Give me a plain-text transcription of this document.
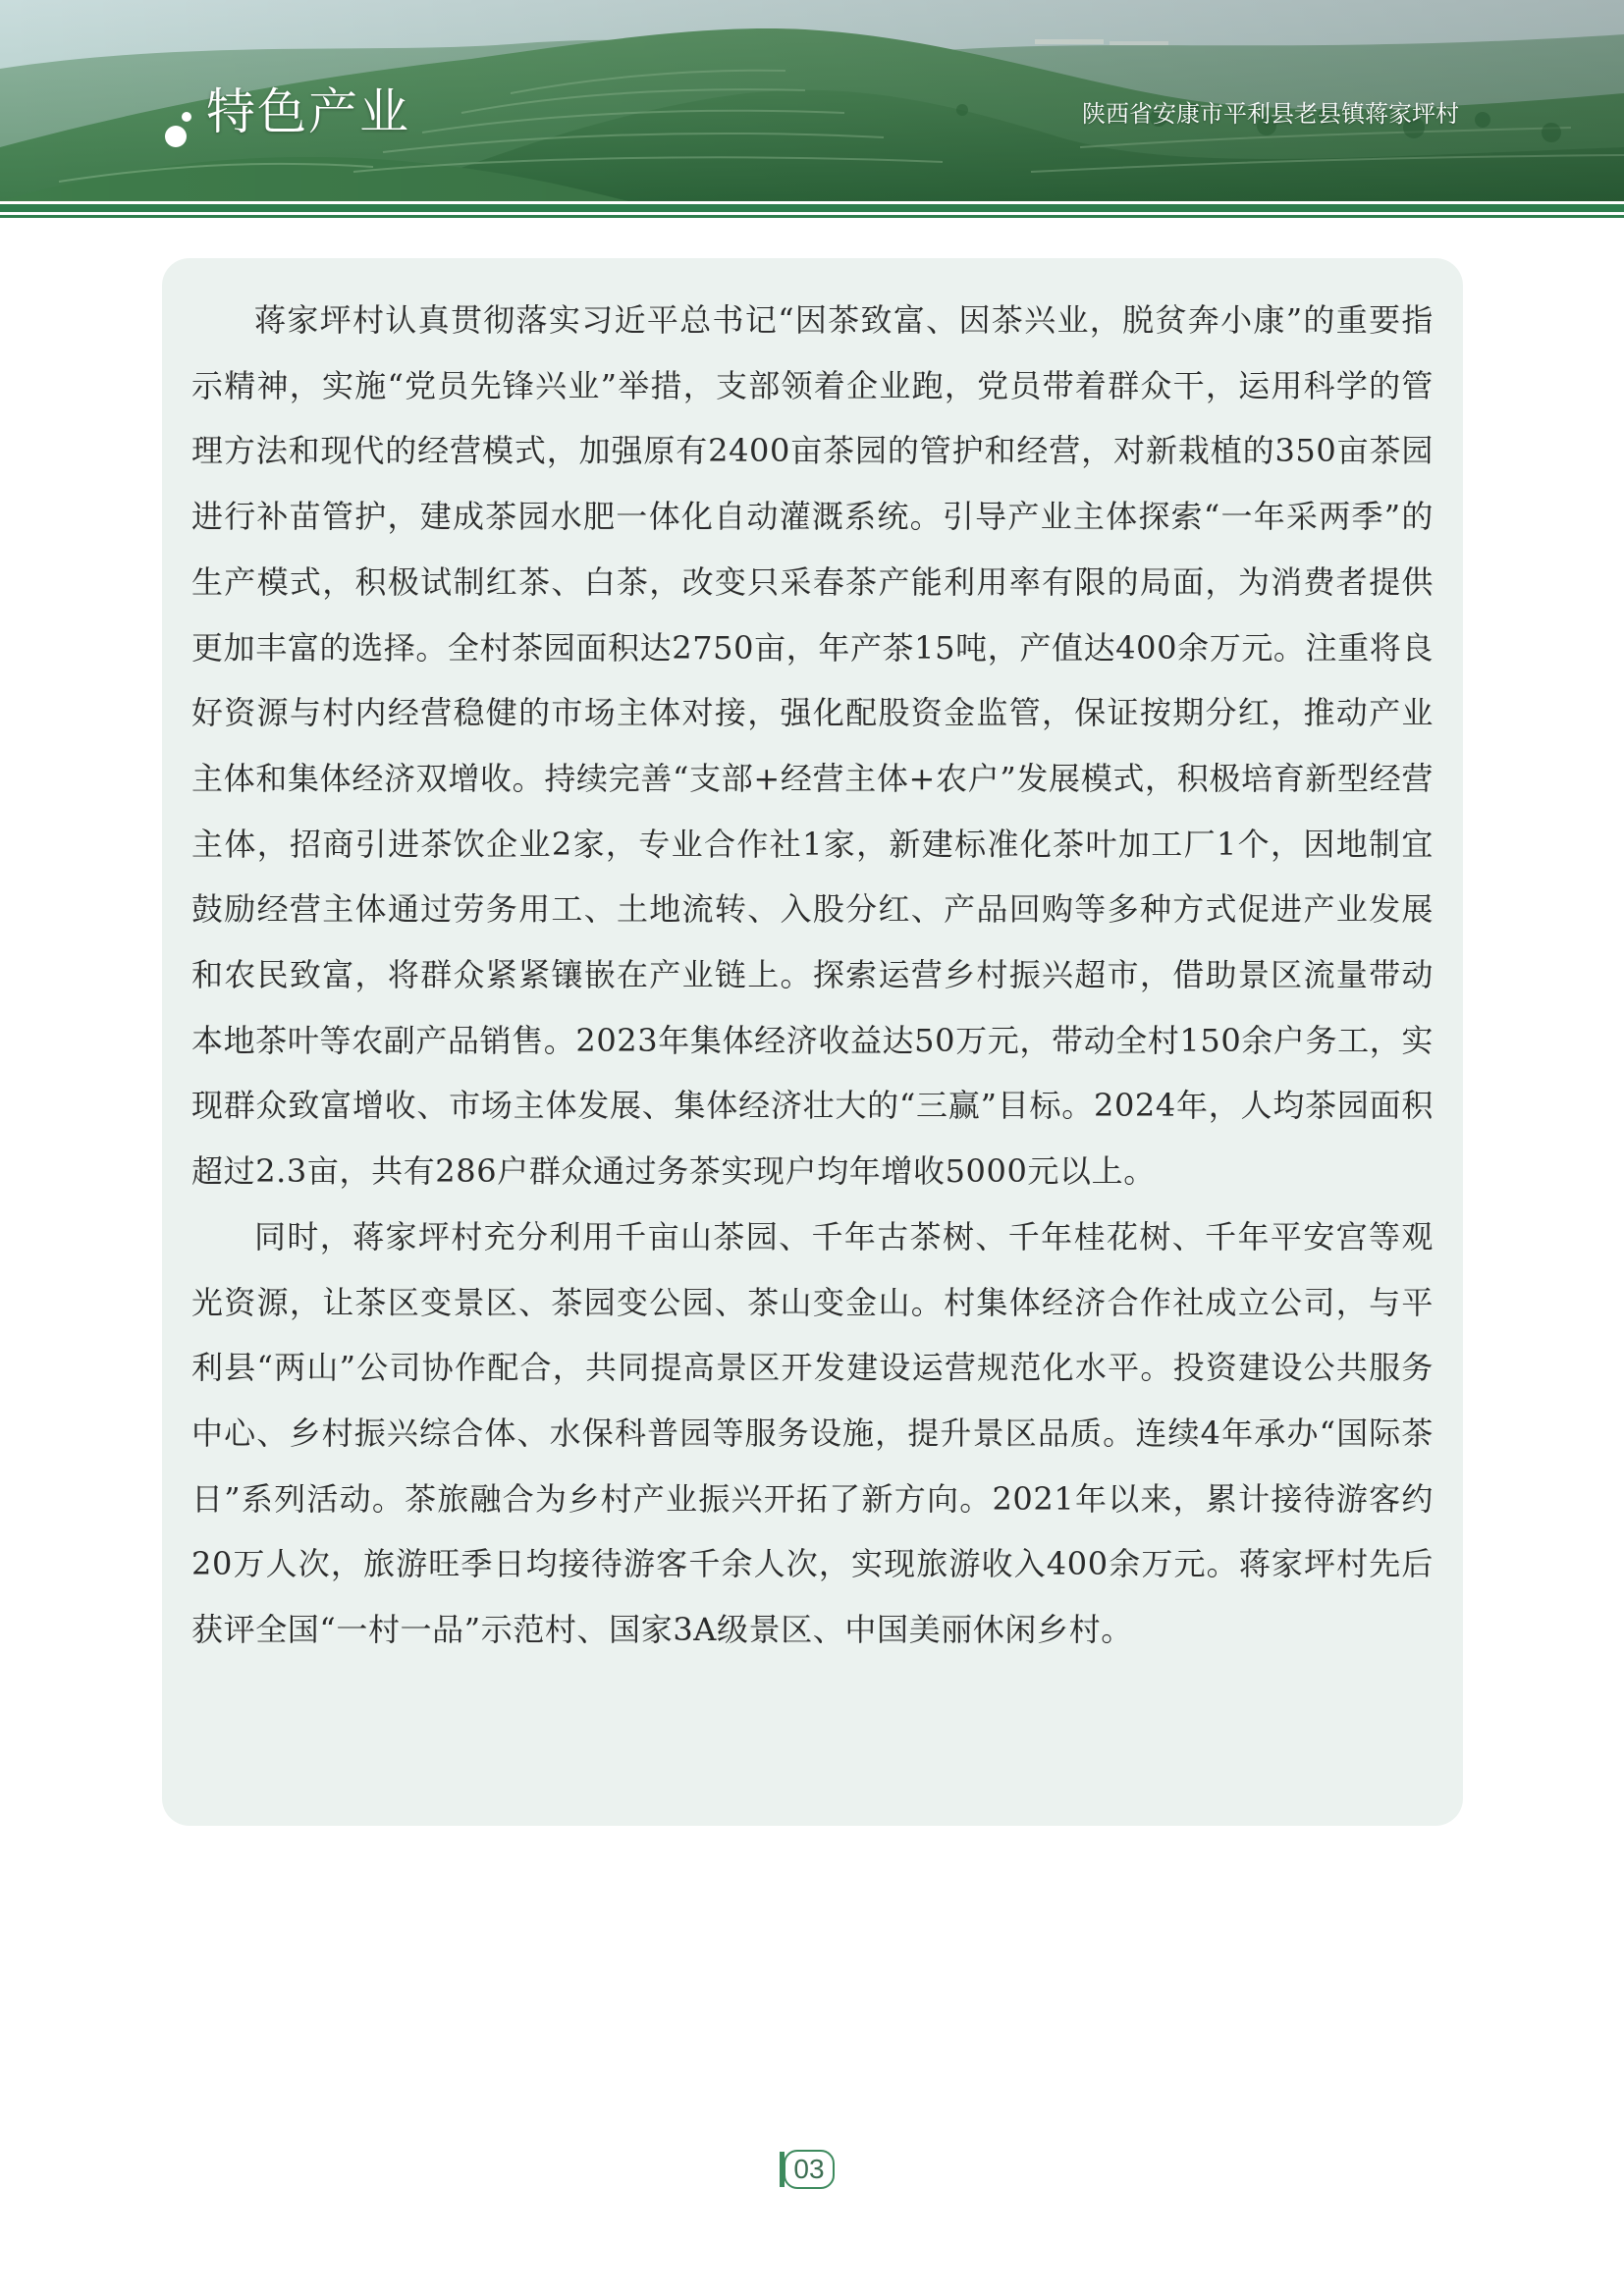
特色产业	陕西省安康市平利县老县镇蒋家坪村

蒋家坪村认真贯彻落实习近平总书记“因茶致富、因茶兴业，脱贫奔小康”的重要指示精神，实施“党员先锋兴业”举措，支部领着企业跑，党员带着群众干，运用科学的管理方法和现代的经营模式，加强原有2400亩茶园的管护和经营，对新栽植的350亩茶园进行补苗管护，建成茶园水肥一体化自动灌溉系统。引导产业主体探索“一年采两季”的生产模式，积极试制红茶、白茶，改变只采春茶产能利用率有限的局面，为消费者提供更加丰富的选择。全村茶园面积达2750亩，年产茶15吨，产值达400余万元。注重将良好资源与村内经营稳健的市场主体对接，强化配股资金监管，保证按期分红，推动产业主体和集体经济双增收。持续完善“支部+经营主体+农户”发展模式，积极培育新型经营主体，招商引进茶饮企业2家，专业合作社1家，新建标准化茶叶加工厂1个，因地制宜鼓励经营主体通过劳务用工、土地流转、入股分红、产品回购等多种方式促进产业发展和农民致富，将群众紧紧镶嵌在产业链上。探索运营乡村振兴超市，借助景区流量带动本地茶叶等农副产品销售。2023年集体经济收益达50万元，带动全村150余户务工，实现群众致富增收、市场主体发展、集体经济壮大的“三赢”目标。2024年，人均茶园面积超过2.3亩，共有286户群众通过务茶实现户均年增收5000元以上。

同时，蒋家坪村充分利用千亩山茶园、千年古茶树、千年桂花树、千年平安宫等观光资源，让茶区变景区、茶园变公园、茶山变金山。村集体经济合作社成立公司，与平利县“两山”公司协作配合，共同提高景区开发建设运营规范化水平。投资建设公共服务中心、乡村振兴综合体、水保科普园等服务设施，提升景区品质。连续4年承办“国际茶日”系列活动。茶旅融合为乡村产业振兴开拓了新方向。2021年以来，累计接待游客约20万人次，旅游旺季日均接待游客千余人次，实现旅游收入400余万元。蒋家坪村先后获评全国“一村一品”示范村、国家3A级景区、中国美丽休闲乡村。

03
